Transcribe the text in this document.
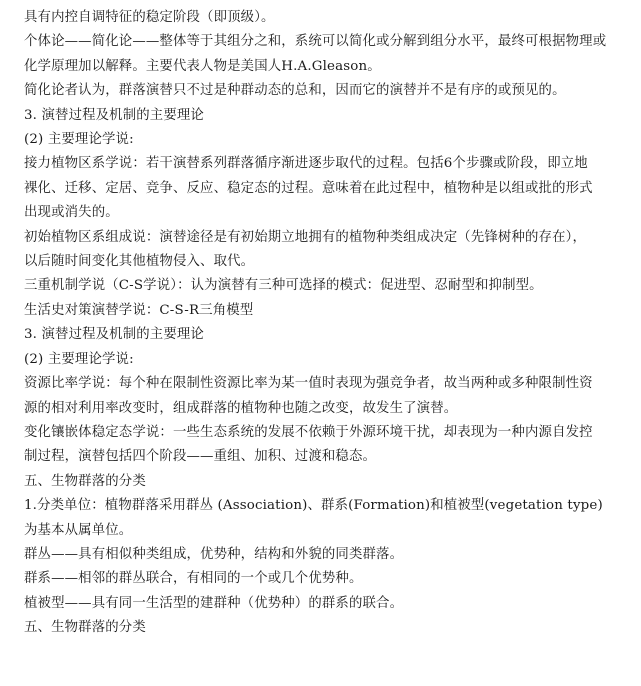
具有内控自调特征的稳定阶段（即顶级）。
个体论——简化论——整体等于其组分之和，系统可以简化或分解到组分水平，最终可根据物理或
化学原理加以解释。主要代表人物是美国人H.A.Gleason。
简化论者认为，群落演替只不过是种群动态的总和，因而它的演替并不是有序的或预见的。
3. 演替过程及机制的主要理论
(2) 主要理论学说:
接力植物区系学说：若干演替系列群落循序渐进逐步取代的过程。包括6个步骤或阶段，即立地
裸化、迁移、定居、竞争、反应、稳定态的过程。意味着在此过程中，植物种是以组或批的形式
出现或消失的。
初始植物区系组成说：演替途径是有初始期立地拥有的植物种类组成决定（先锋树种的存在），
以后随时间变化其他植物侵入、取代。
三重机制学说（C-S学说）：认为演替有三种可选择的模式：促进型、忍耐型和抑制型。
生活史对策演替学说：C-S-R三角模型
3. 演替过程及机制的主要理论
(2) 主要理论学说:
资源比率学说：每个种在限制性资源比率为某一值时表现为强竞争者，故当两种或多种限制性资
源的相对利用率改变时，组成群落的植物种也随之改变，故发生了演替。
变化镶嵌体稳定态学说：一些生态系统的发展不依赖于外源环境干扰，却表现为一种内源自发控
制过程，演替包括四个阶段——重组、加积、过渡和稳态。
五、生物群落的分类
1.分类单位：植物群落采用群丛 (Association)、群系(Formation)和植被型(vegetation type)
为基本从属单位。
群丛——具有相似种类组成，优势种，结构和外貌的同类群落。
群系——相邻的群丛联合，有相同的一个或几个优势种。
植被型——具有同一生活型的建群种（优势种）的群系的联合。
五、生物群落的分类
